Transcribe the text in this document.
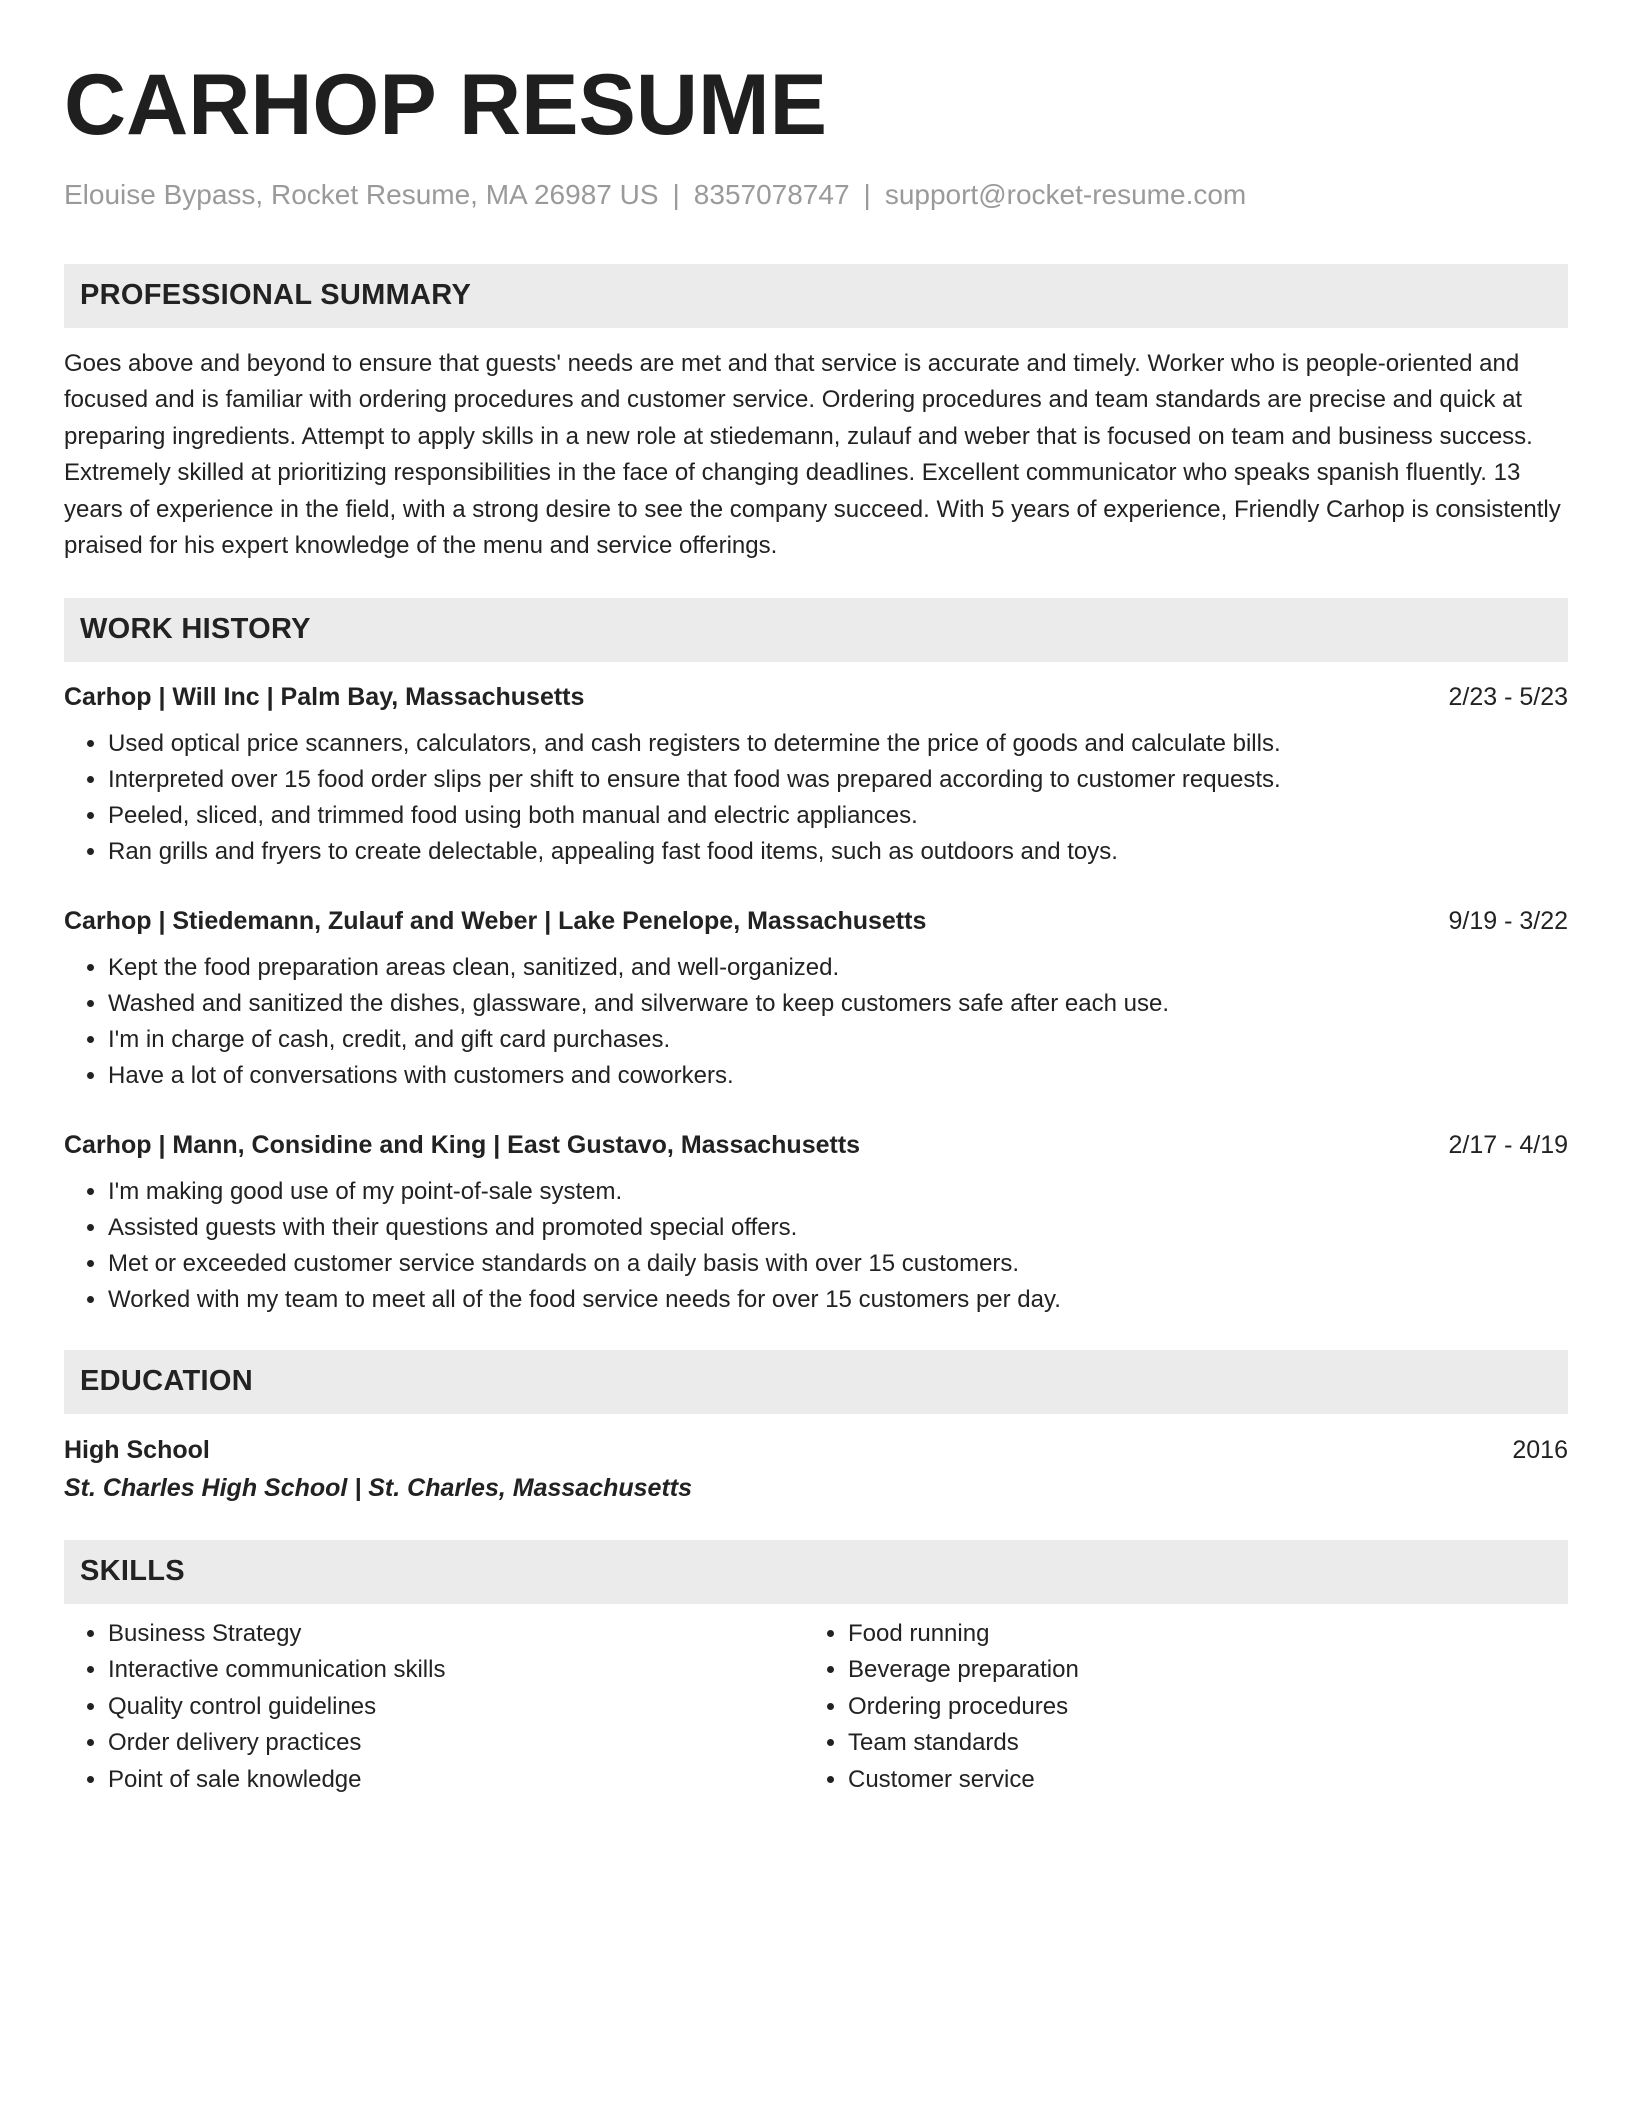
CARHOP RESUME
Elouise Bypass, Rocket Resume, MA 26987 US | 8357078747 | support@rocket-resume.com
PROFESSIONAL SUMMARY

Goes above and beyond to ensure that guests' needs are met and that service is accurate and timely. Worker who is people-oriented and focused and is familiar with ordering procedures and customer service. Ordering procedures and team standards are precise and quick at preparing ingredients. Attempt to apply skills in a new role at stiedemann, zulauf and weber that is focused on team and business success. Extremely skilled at prioritizing responsibilities in the face of changing deadlines. Excellent communicator who speaks spanish fluently. 13 years of experience in the field, with a strong desire to see the company succeed. With 5 years of experience, Friendly Carhop is consistently praised for his expert knowledge of the menu and service offerings.

WORK HISTORY
Carhop | Will Inc | Palm Bay, Massachusetts	2/23 - 5/23
• Used optical price scanners, calculators, and cash registers to determine the price of goods and calculate bills.
• Interpreted over 15 food order slips per shift to ensure that food was prepared according to customer requests.
• Peeled, sliced, and trimmed food using both manual and electric appliances.
• Ran grills and fryers to create delectable, appealing fast food items, such as outdoors and toys.
Carhop | Stiedemann, Zulauf and Weber | Lake Penelope, Massachusetts	9/19 - 3/22
• Kept the food preparation areas clean, sanitized, and well-organized.
• Washed and sanitized the dishes, glassware, and silverware to keep customers safe after each use.
• I'm in charge of cash, credit, and gift card purchases.
• Have a lot of conversations with customers and coworkers.
Carhop | Mann, Considine and King | East Gustavo, Massachusetts	2/17 - 4/19
• I'm making good use of my point-of-sale system.
• Assisted guests with their questions and promoted special offers.
• Met or exceeded customer service standards on a daily basis with over 15 customers.
• Worked with my team to meet all of the food service needs for over 15 customers per day.
EDUCATION
High School	2016
St. Charles High School | St. Charles, Massachusetts
SKILLS
• Business Strategy
• Interactive communication skills
• Quality control guidelines
• Order delivery practices
• Point of sale knowledge
• Food running
• Beverage preparation
• Ordering procedures
• Team standards
• Customer service
